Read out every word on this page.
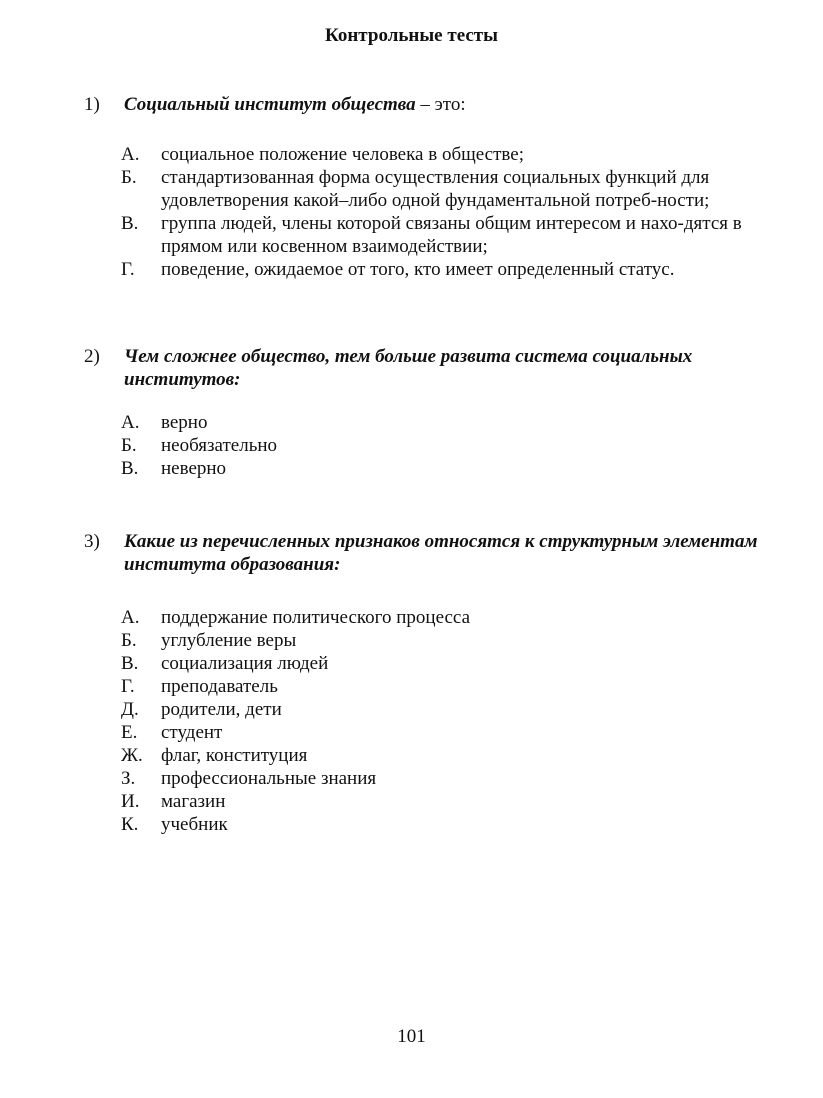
Контрольные тесты
1) Социальный институт общества – это:
А. социальное положение человека в обществе;
Б. стандартизованная форма осуществления социальных функций для удовлетворения какой–либо одной фундаментальной потреб-ности;
В. группа людей, члены которой связаны общим интересом и нахо-дятся в прямом или косвенном взаимодействии;
Г. поведение, ожидаемое от того, кто имеет определенный статус.
2) Чем сложнее общество, тем больше развита система социальных институтов:
А. верно
Б. необязательно
В. неверно
3) Какие из перечисленных признаков относятся к структурным элементам института образования:
А. поддержание политического процесса
Б. углубление веры
В. социализация людей
Г. преподаватель
Д. родители, дети
Е. студент
Ж. флаг, конституция
З. профессиональные знания
И. магазин
К. учебник
101
